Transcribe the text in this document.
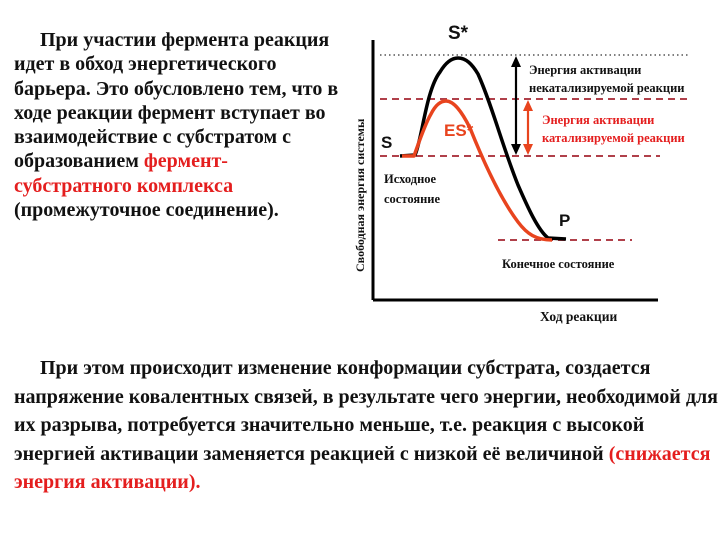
При участии фермента реакция идет в обход энергетического барьера. Это обусловлено тем, что в ходе реакции фермент вступает во взаимодействие с субстратом с образованием фермент-субстратного комплекса (промежуточное соединение).

S*
ES*
S
P
Энергия активации
некатализируемой реакции
Энергия активации
катализируемой реакции
Исходное
состояние
Конечное состояние
Ход реакции
Свободная энергия системы

При этом происходит изменение конформации субстрата, создается напряжение ковалентных связей, в результате чего энергии, необходимой для их разрыва, потребуется значительно меньше, т.е. реакция с высокой энергией активации заменяется реакцией с низкой её величиной (снижается энергия активации).
